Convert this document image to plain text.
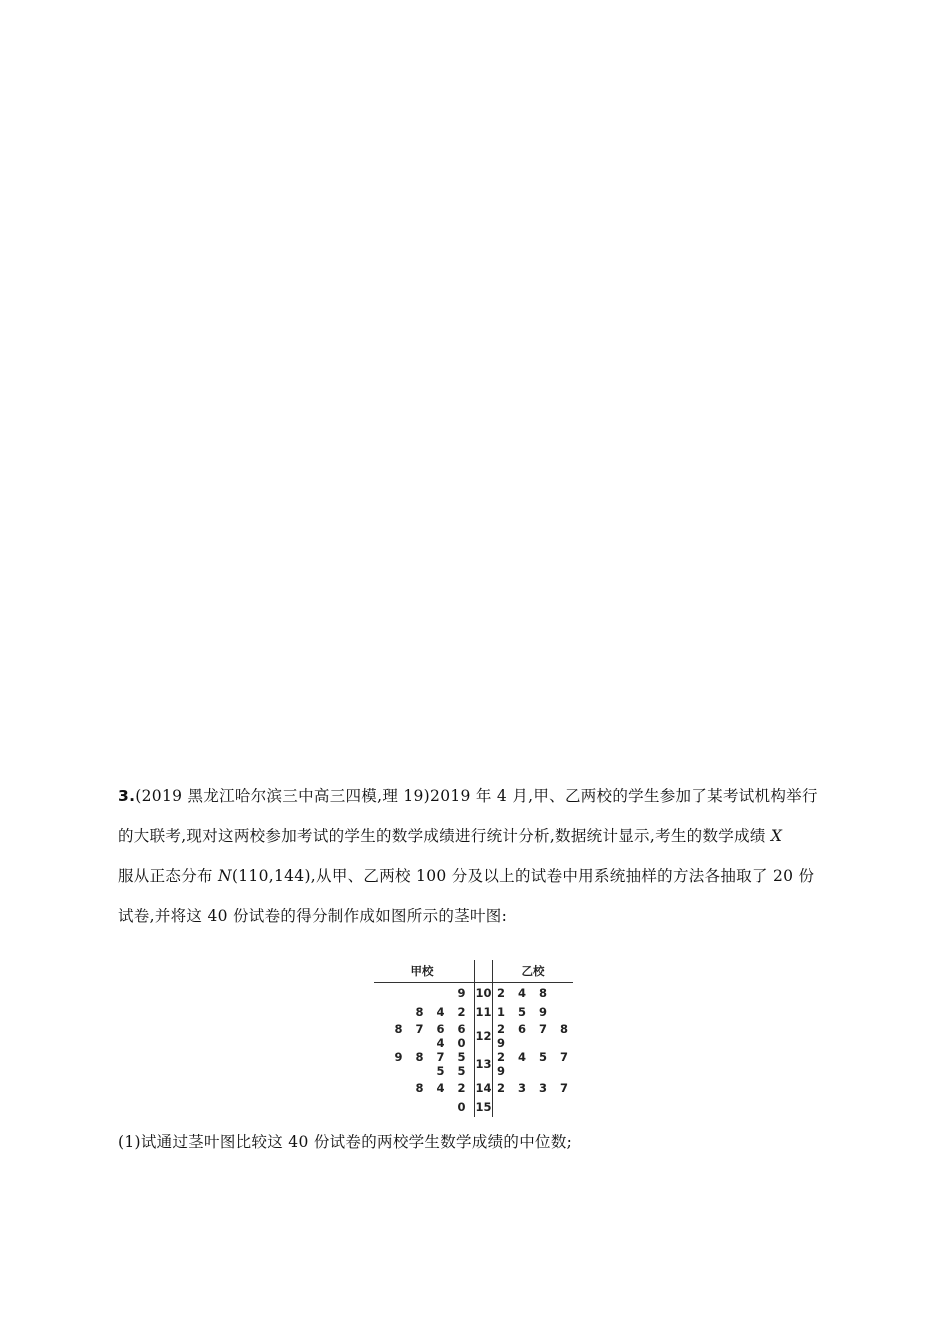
3.(2019 黑龙江哈尔滨三中高三四模,理 19)2019 年 4 月,甲、乙两校的学生参加了某考试机构举行

的大联考,现对这两校参加考试的学生的数学成绩进行统计分析,数据统计显示,考生的数学成绩 X

服从正态分布 N(110,144),从甲、乙两校 100 分及以上的试卷中用系统抽样的方法各抽取了 20 份

试卷,并将这 40 份试卷的得分制作成如图所示的茎叶图:

甲校		乙校
9	10	2 4 8
8 4 2	11	1 5 9
8 7 6 6 4 0	12	2 6 7 8 9
9 8 7 5 5 5	13	2 4 5 7 9
8 4 2	14	2 3 3 7
0	15	
(1)试通过茎叶图比较这 40 份试卷的两校学生数学成绩的中位数;
